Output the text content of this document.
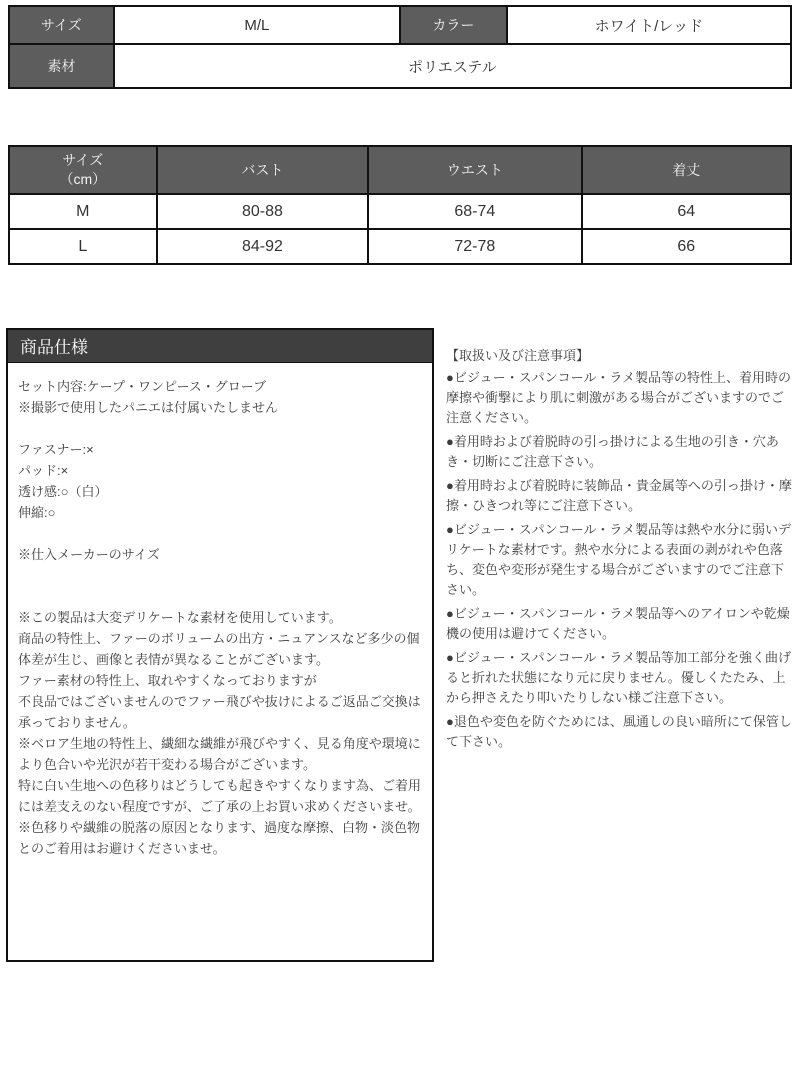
サイズ	M/L	カラー	ホワイト/レッド
素材	ポリエステル		
サイズ
（cm）	バスト	ウエスト	着丈
M	80-88	68-74	64
L	84-92	72-78	66
商品仕様
セット内容:ケープ・ワンピース・グローブ
※撮影で使用したパニエは付属いたしません

ファスナー:×
パッド:×
透け感:○（白）
伸縮:○

※仕入メーカーのサイズ

※この製品は大変デリケートな素材を使用しています。
商品の特性上、ファーのボリュームの出方・ニュアンスなど多少の個体差が生じ、画像と表情が異なることがございます。
ファー素材の特性上、取れやすくなっておりますが
不良品ではございませんのでファー飛びや抜けによるご返品ご交換は承っておりません。
※ベロア生地の特性上、繊細な繊維が飛びやすく、見る角度や環境により色合いや光沢が若干変わる場合がございます。
特に白い生地への色移りはどうしても起きやすくなります為、ご着用には差支えのない程度ですが、ご了承の上お買い求めくださいませ。
※色移りや繊維の脱落の原因となります、過度な摩擦、白物・淡色物とのご着用はお避けくださいませ。
【取扱い及び注意事項】
●ビジュー・スパンコール・ラメ製品等の特性上、着用時の摩擦や衝撃により肌に刺激がある場合がございますのでご注意ください。
●着用時および着脱時の引っ掛けによる生地の引き・穴あき・切断にご注意下さい。
●着用時および着脱時に装飾品・貴金属等への引っ掛け・摩擦・ひきつれ等にご注意下さい。
●ビジュー・スパンコール・ラメ製品等は熱や水分に弱いデリケートな素材です。熱や水分による表面の剥がれや色落ち、変色や変形が発生する場合がございますのでご注意下さい。
●ビジュー・スパンコール・ラメ製品等へのアイロンや乾燥機の使用は避けてください。
●ビジュー・スパンコール・ラメ製品等加工部分を強く曲げると折れた状態になり元に戻りません。優しくたたみ、上から押さえたり叩いたりしない様ご注意下さい。
●退色や変色を防ぐためには、風通しの良い暗所にて保管して下さい。
